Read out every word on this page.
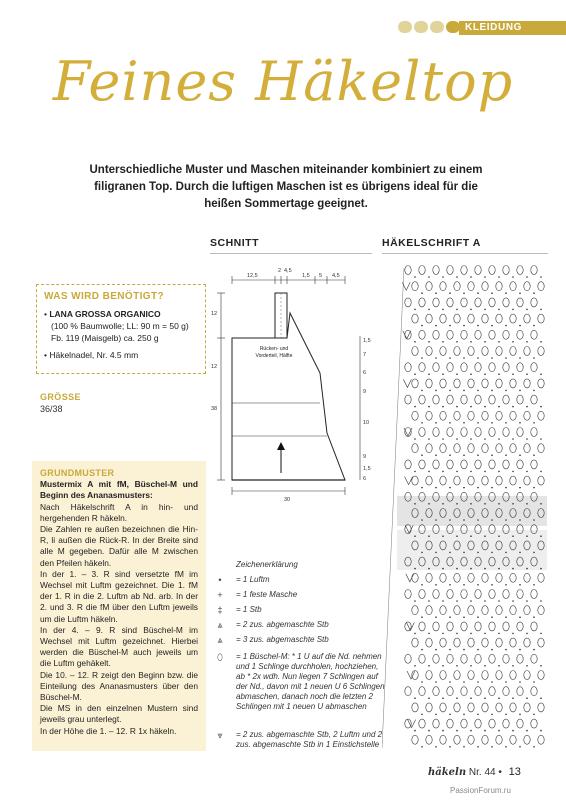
KLEIDUNG
Feines Häkeltop
Unterschiedliche Muster und Maschen miteinander kombiniert zu einem filigranen Top. Durch die luftigen Maschen ist es übrigens ideal für die heißen Sommertage geeignet.
SCHNITT	HÄKELSCHRIFT A
12,5
2 4,5
1,5 5 4,5
12
12
38
1,5
7
6
9
10
9
1,5
6
30
Rücken- und Vorderteil, Hälfte
WAS WIRD BENÖTIGT?
• LANA GROSSA ORGANICO
(100 % Baumwolle; LL: 90 m = 50 g)
Fb. 119 (Maisgelb) ca. 250 g
• Häkelnadel, Nr. 4.5 mm
GRÖSSE
36/38
GRUNDMUSTER

Mustermix A mit fM, Büschel-M und Beginn des Ananasmusters:

Nach Häkelschrift A in hin- und hergehenden R häkeln.

Die Zahlen re außen bezeichnen die Hin-R, li außen die Rück-R. In der Breite sind alle M gegeben. Dafür alle M zwischen den Pfeilen häkeln.

In der 1. – 3. R sind versetzte fM im Wechsel mit Luftm gezeichnet. Die 1. fM der 1. R in die 2. Luftm ab Nd. arb. In der 2. und 3. R die fM über den Luftm jeweils um die Luftm häkeln.

In der 4. – 9. R sind Büschel-M im Wechsel mit Luftm gezeichnet. Hierbei werden die Büschel-M auch jeweils um die Luftm gehäkelt.

Die 10. – 12. R zeigt den Beginn bzw. die Einteilung des Ananasmusters über den Büschel-M.

Die MS in den einzelnen Mustern sind jeweils grau unterlegt.

In der Höhe die 1. – 12. R 1x häkeln.

Zeichenerklärung
•	= 1 Luftm
+	= 1 feste Masche
‡	= 1 Stb
⩓	= 2 zus. abgemaschte Stb
⩓	= 3 zus. abgemaschte Stb
⬯	= 1 Büschel-M: * 1 U auf die Nd. nehmen und 1 Schlinge durchholen, hochziehen, ab * 2x wdh. Nun liegen 7 Schlingen auf der Nd., davon mit 1 neuen U 6 Schlingen abmaschen, danach noch die letzten 2 Schlingen mit 1 neuen U abmaschen
⩔	= 2 zus. abgemaschte Stb, 2 Luftm und 2 zus. abgemaschte Stb in 1 Einstichstelle
häkeln Nr. 44 • 13
PassionForum.ru
